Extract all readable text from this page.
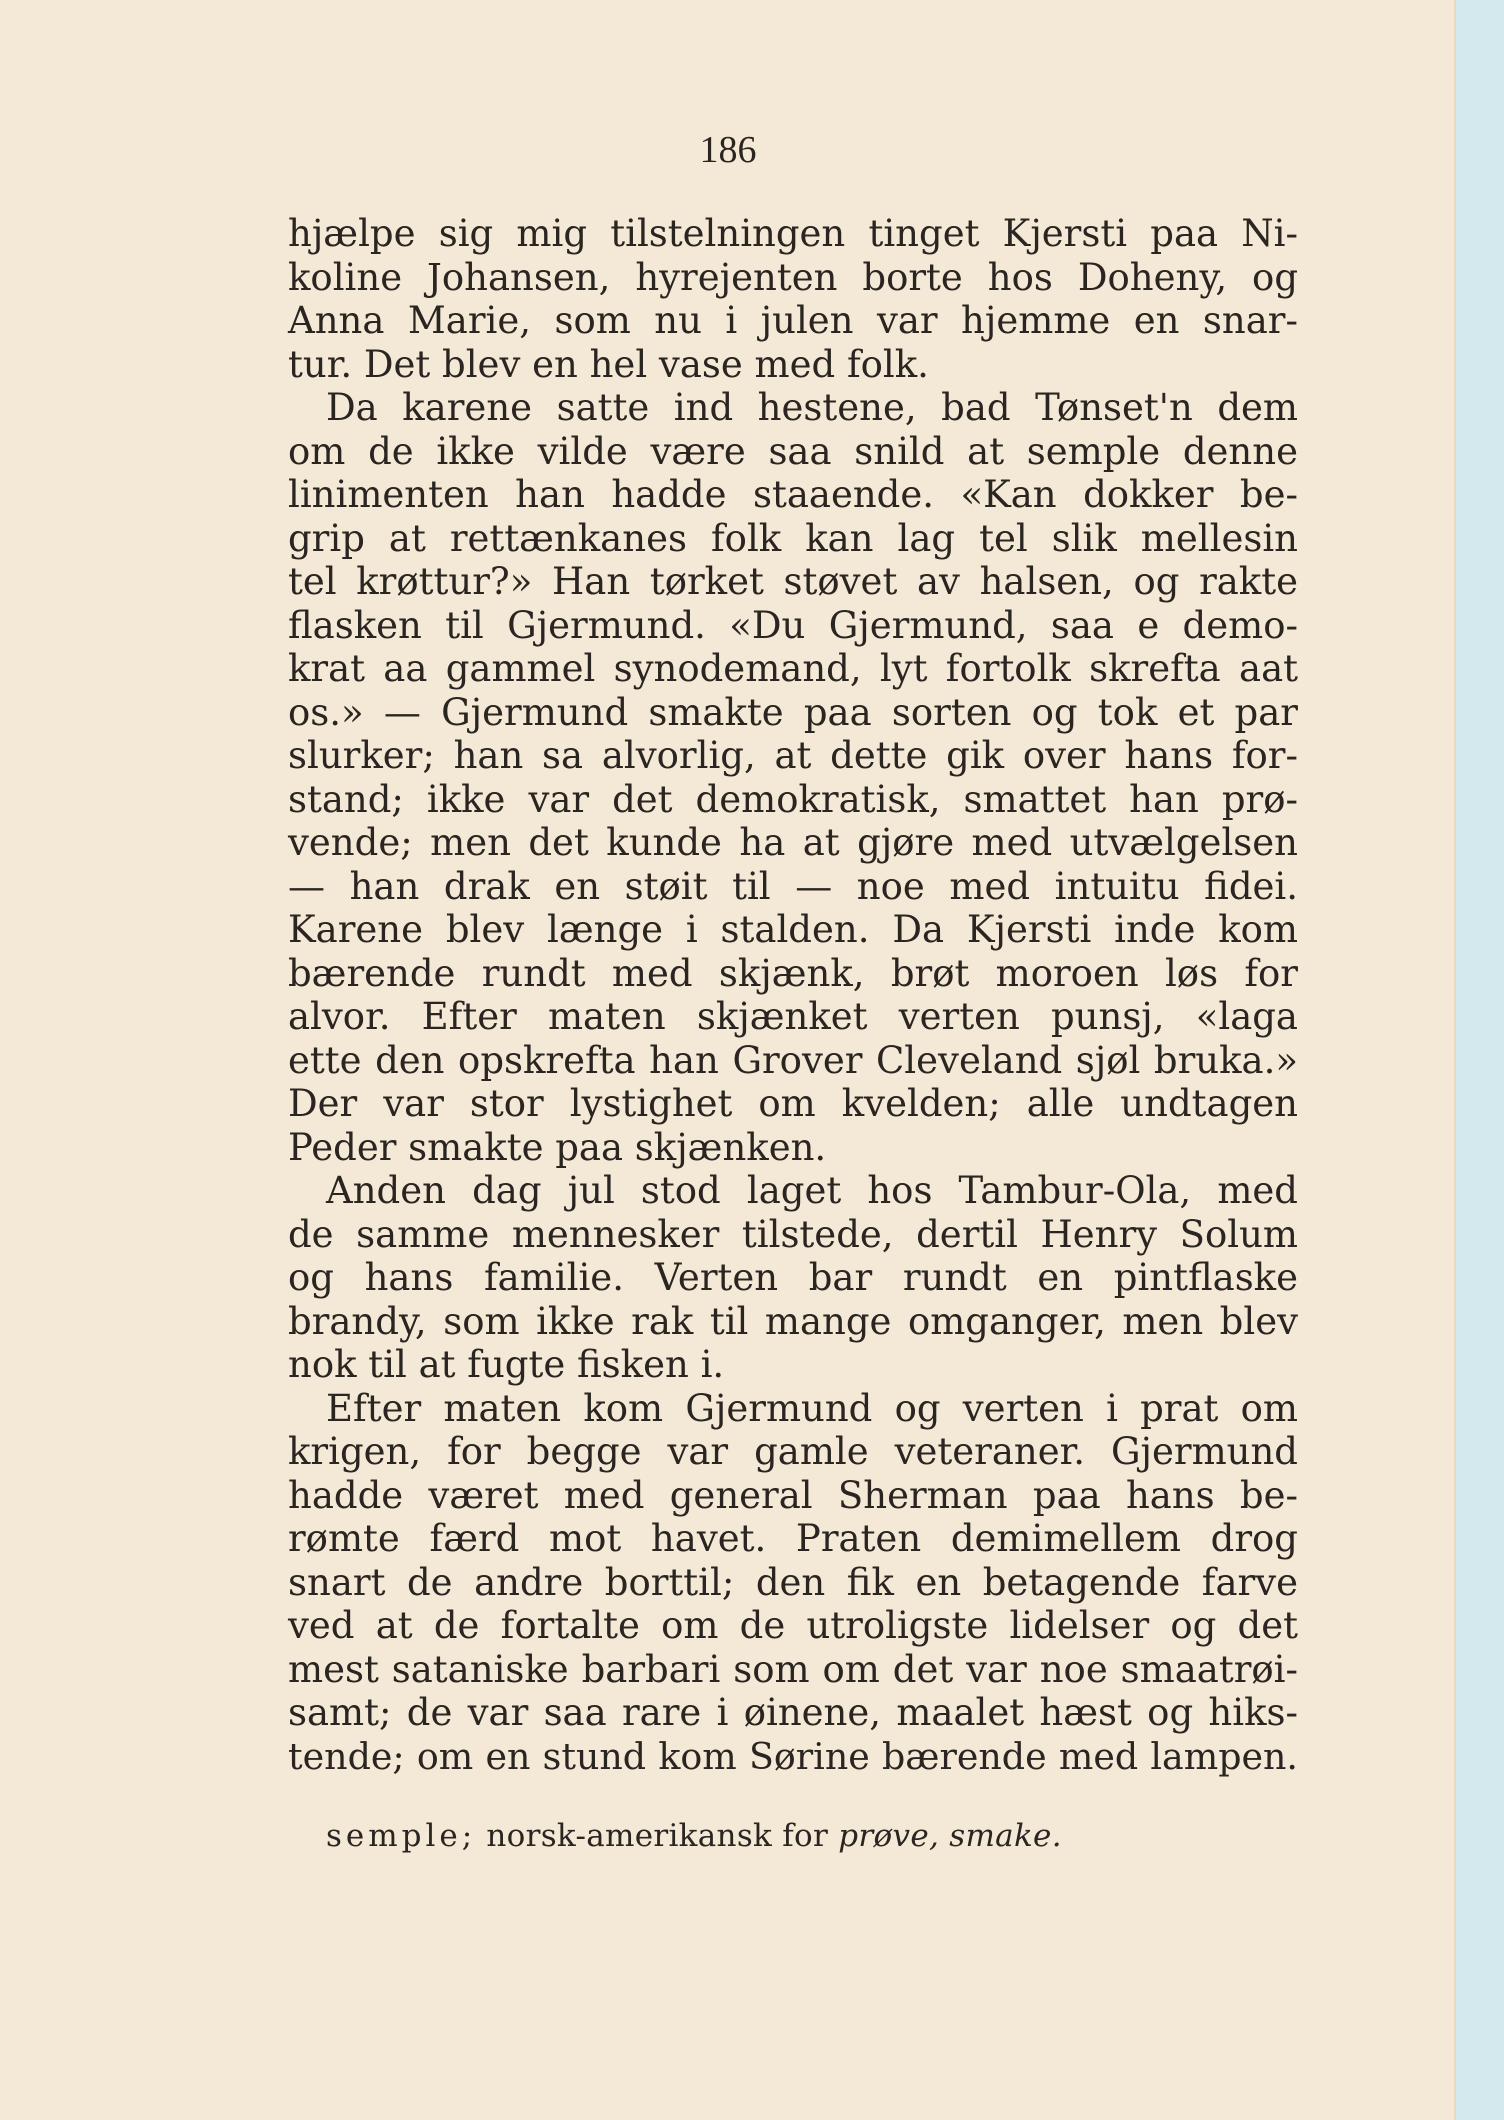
186

hjælpe sig mig tilstelningen tinget Kjersti paa Ni-
koline Johansen, hyrejenten borte hos Doheny, og
Anna Marie, som nu i julen var hjemme en snar-
tur. Det blev en hel vase med folk.

Da karene satte ind hestene, bad Tønset'n dem
om de ikke vilde være saa snild at semple denne
linimenten han hadde staaende. «Kan dokker be-
grip at rettænkanes folk kan lag tel slik mellesin
tel krøttur?» Han tørket støvet av halsen, og rakte
flasken til Gjermund. «Du Gjermund, saa e demo-
krat aa gammel synodemand, lyt fortolk skrefta aat
os.» — Gjermund smakte paa sorten og tok et par
slurker; han sa alvorlig, at dette gik over hans for-
stand; ikke var det demokratisk, smattet han prø-
vende; men det kunde ha at gjøre med utvælgelsen
— han drak en støit til — noe med intuitu fidei.
Karene blev længe i stalden. Da Kjersti inde kom
bærende rundt med skjænk, brøt moroen løs for
alvor. Efter maten skjænket verten punsj, «laga
ette den opskrefta han Grover Cleveland sjøl bruka.»
Der var stor lystighet om kvelden; alle undtagen
Peder smakte paa skjænken.

Anden dag jul stod laget hos Tambur-Ola, med
de samme mennesker tilstede, dertil Henry Solum
og hans familie. Verten bar rundt en pintflaske
brandy, som ikke rak til mange omganger, men blev
nok til at fugte fisken i.

Efter maten kom Gjermund og verten i prat om
krigen, for begge var gamle veteraner. Gjermund
hadde været med general Sherman paa hans be-
rømte færd mot havet. Praten demimellem drog
snart de andre borttil; den fik en betagende farve
ved at de fortalte om de utroligste lidelser og det
mest sataniske barbari som om det var noe smaatrøi-
samt; de var saa rare i øinene, maalet hæst og hiks-
tende; om en stund kom Sørine bærende med lampen.

semple; norsk-amerikansk for prøve, smake.
